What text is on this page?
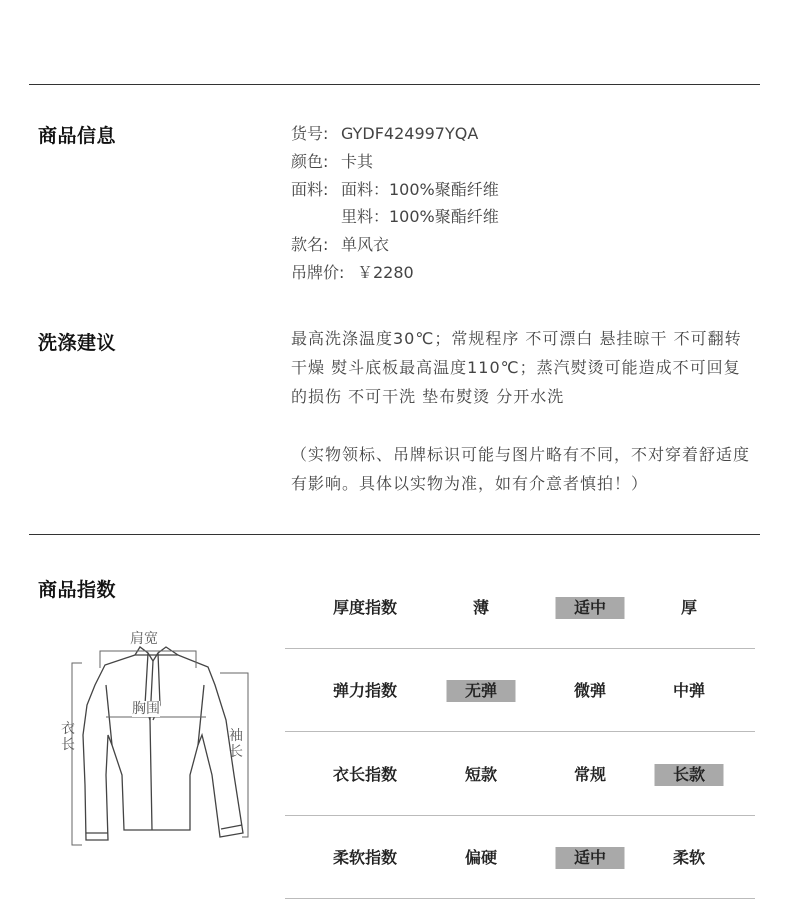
商品信息	货号: GYDF424997YQA
颜色: 卡其
面料: 面料：100%聚酯纤维
里料：100%聚酯纤维
款名: 单风衣
吊牌价: ￥2280
洗涤建议	最高洗涤温度30℃；常规程序 不可漂白 悬挂晾干 不可翻转干燥 熨斗底板最高温度110℃；蒸汽熨烫可能造成不可回复的损伤 不可干洗 垫布熨烫 分开水洗
（实物领标、吊牌标识可能与图片略有不同，不对穿着舒适度有影响。具体以实物为准，如有介意者慎拍！）
商品指数
厚度指数	薄	适中	厚
弹力指数	无弹	微弹	中弹
衣长指数	短款	常规	长款
柔软指数	偏硬	适中	柔软
肩宽
胸围
衣长
袖长
